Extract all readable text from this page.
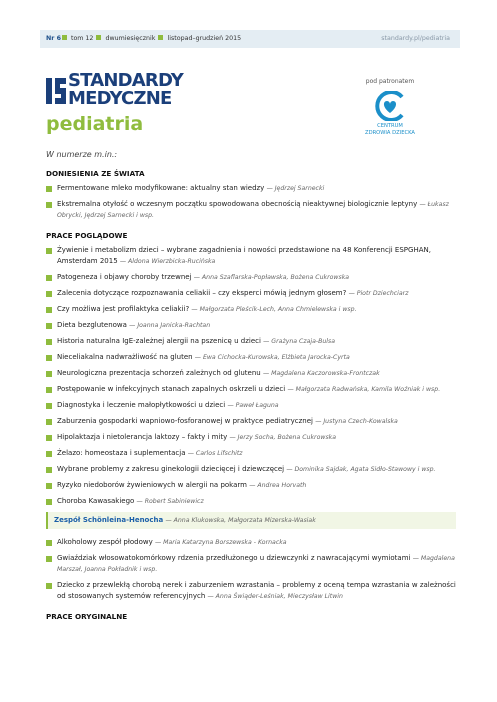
Nr 6 tom 12 dwumiesięcznik listopad–grudzień 2015	standardy.pl/pediatria
STANDARDY
MEDYCZNE
pediatria
pod patronatem
CENTRUM
ZDROWIA DZIECKA
W numerze m.in.:
DONIESIENIA ZE ŚWIATA
Fermentowane mleko modyfikowane: aktualny stan wiedzy — Jędrzej Sarnecki
Ekstremalna otyłość o wczesnym początku spowodowana obecnością nieaktywnej biologicznie leptyny — Łukasz Obrycki, Jędrzej Sarnecki i wsp.
PRACE POGLĄDOWE
Żywienie i metabolizm dzieci – wybrane zagadnienia i nowości przedstawione na 48 Konferencji ESPGHAN, Amsterdam 2015 — Aldona Wierzbicka-Rucińska
Patogeneza i objawy choroby trzewnej — Anna Szaflarska-Popławska, Bożena Cukrowska
Zalecenia dotyczące rozpoznawania celiakii – czy eksperci mówią jednym głosem? — Piotr Dziechciarz
Czy możliwa jest profilaktyka celiakii? — Małgorzata Pleścik-Lech, Anna Chmielewska i wsp.
Dieta bezglutenowa — Joanna Janicka-Rachtan
Historia naturalna IgE-zależnej alergii na pszenicę u dzieci — Grażyna Czaja-Bulsa
Nieceliakalna nadwrażliwość na gluten — Ewa Cichocka-Kurowska, Elżbieta Jarocka-Cyrta
Neurologiczna prezentacja schorzeń zależnych od glutenu — Magdalena Kaczorowska-Frontczak
Postępowanie w infekcyjnych stanach zapalnych oskrzeli u dzieci — Małgorzata Radwańska, Kamila Woźniak i wsp.
Diagnostyka i leczenie małopłytkowości u dzieci — Paweł Łaguna
Zaburzenia gospodarki wapniowo-fosforanowej w praktyce pediatrycznej — Justyna Czech-Kowalska
Hipolaktazja i nietolerancja laktozy – fakty i mity — Jerzy Socha, Bożena Cukrowska
Żelazo: homeostaza i suplementacja — Carlos Lifschitz
Wybrane problemy z zakresu ginekologii dziecięcej i dziewczęcej — Dominika Sajdak, Agata Sidło-Stawowy i wsp.
Ryzyko niedoborów żywieniowych w alergii na pokarm — Andrea Horvath
Choroba Kawasakiego — Robert Sabiniewicz
Zespół Schönleina-Henocha — Anna Klukowska, Małgorzata Mizerska-Wasiak
Alkoholowy zespół płodowy — Maria Katarzyna Borszewska - Kornacka
Gwiaździak włosowatokomórkowy rdzenia przedłużonego u dziewczynki z nawracającymi wymiotami — Magdalena Marszał, Joanna Pokładnik i wsp.
Dziecko z przewlekłą chorobą nerek i zaburzeniem wzrastania – problemy z oceną tempa wzrastania w zależności od stosowanych systemów referencyjnych — Anna Świąder-Leśniak, Mieczysław Litwin
PRACE ORYGINALNE
